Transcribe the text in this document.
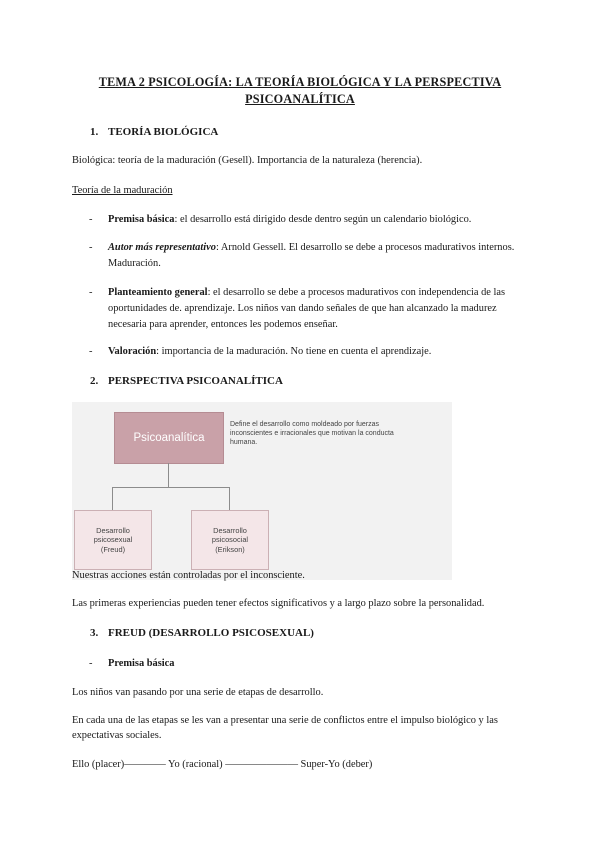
TEMA 2 PSICOLOGÍA: LA TEORÍA BIOLÓGICA Y LA PERSPECTIVA
PSICOANALÍTICA
1. TEORÍA BIOLÓGICA
Biológica: teoría de la maduración (Gesell). Importancia de la naturaleza (herencia).
Teoría de la maduración
- Premisa básica: el desarrollo está dirigido desde dentro según un calendario biológico.
- Autor más representativo: Arnold Gessell. El desarrollo se debe a procesos madurativos internos. Maduración.
- Planteamiento general: el desarrollo se debe a procesos madurativos con independencia de las oportunidades de. aprendizaje. Los niños van dando señales de que han alcanzado la madurez necesaria para aprender, entonces les podemos enseñar.
- Valoración: importancia de la maduración. No tiene en cuenta el aprendizaje.
2. PERSPECTIVA PSICOANALÍTICA
Psicoanalítica
Define el desarrollo como moldeado por fuerzas inconscientes e irracionales que motivan la conducta humana.
Desarrollo
psicosexual
(Freud)
Desarrollo
psicosocial
(Erikson)
Nuestras acciones están controladas por el inconsciente.
Las primeras experiencias pueden tener efectos significativos y a largo plazo sobre la personalidad.
3. FREUD (DESARROLLO PSICOSEXUAL)
- Premisa básica
Los niños van pasando por una serie de etapas de desarrollo.
En cada una de las etapas se les van a presentar una serie de conflictos entre el impulso biológico y las expectativas sociales.
Ello (placer)———— Yo (racional) ——————— Super-Yo (deber)
